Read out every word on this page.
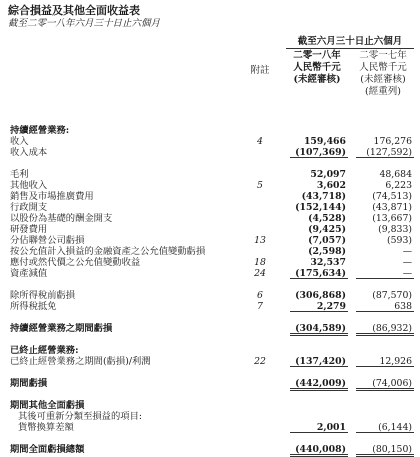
綜合損益及其他全面收益表
截至二零一八年六月三十日止六個月
截至六月三十日止六個月
附註
二零一八年
人民幣千元
(未經審核)
二零一七年
人民幣千元
(未經審核)
(經重列)
持續經營業務:
收入	4	159,466	176,276
收入成本	(107,369) (127,592)
毛利	52,097	48,684
其他收入	5	3,602	6,223
銷售及市場推廣費用	(43,718)	(74,513)
行政開支	(152,144)	(43,871)
以股份為基礎的酬金開支	(4,528)	(13,667)
研發費用	(9,425)	(9,833)
分佔聯營公司虧損	13	(7,057)	(593)
按公允值計入損益的金融資產之公允值變動虧損	(2,598)	—
應付或然代價之公允值變動收益	18	32,537	—
資產減值	24	(175,634)	—
除所得稅前虧損	6	(306,868)	(87,570)
所得稅抵免	7	2,279	638
持續經營業務之期間虧損	(304,589)	(86,932)
已終止經營業務:
已終止經營業務之期間(虧損)/利潤	22	(137,420)	12,926
期間虧損	(442,009)	(74,006)
期間其他全面虧損
其後可重新分類至損益的項目:
貨幣換算差額	2,001	(6,144)
期間全面虧損總額	(440,008)	(80,150)
